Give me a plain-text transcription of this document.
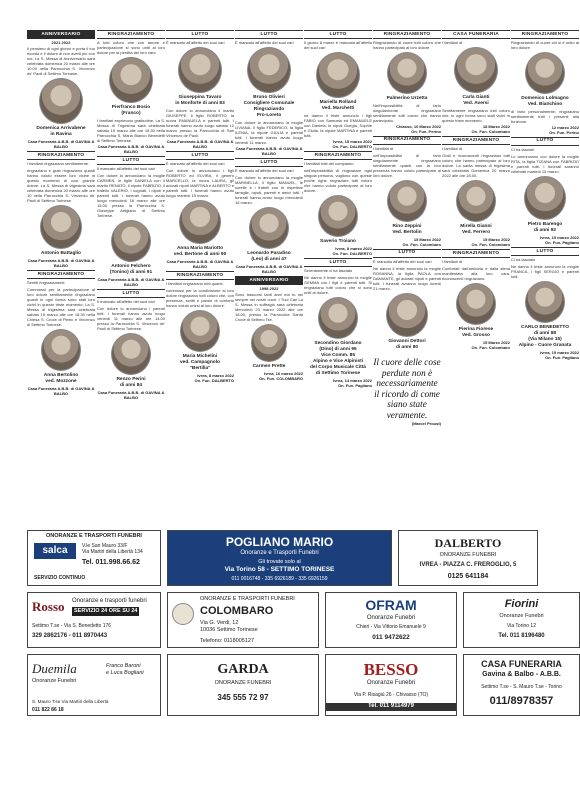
ANNIVERSARIO
2021 2022
Il pensiero di ogni giorno e porta il tuo ricordo e il dolore di non averti più con noi. La S. Messa di Anniversario sarà celebrata domenica 20 marzo alle ore 10.00 nella Parrocchia S. Vincenzo de' Paoli di Settimo Torinese.
Domenica Arrivabene
in Ravina
Casa Funeraria A.B.B. di GAVINA & BALBO
RINGRAZIAMENTO
I familiari ringraziano sentitamente.
ringraziano e grati ringraziano quanti hanno voluto essere loro vicine in questo momento di così grande dolore. La S. Messa di trigesima sarà celebrata domenica 20 marzo alle ore 10 nella Parrocchia S. Vincenzo de' Paoli di Settimo Torinese.
Antonio Battaglio
Casa Funeraria A.B.B. di GAVINA & BALBO
RINGRAZIAMENTO
Sentiti ringraziamenti.
Commossi per la partecipazione al loro dolore sentitamente ringraziano quanti in ogni forma sono stati loro vicini in questo triste momento. La S. Messa di trigesima sarà celebrata sabato 19 marzo alle ore 18.30 nella Chiesa S. Croce di Pietro e Vincenzo di Settimo Torinese.
Anna Bertolino
ved. Mozzone
Casa Funeraria A.B.B. di GAVINA & BALBO
RINGRAZIAMENTO
A tutti coloro che con amore e partecipazione si sono uniti al loro dolore per la perdita del loro caro
Pierfranco Bosio
(Franco)
I familiari esprimono gratitudine. La S. Messa di Trigesima sarà celebrata sabato 19 marzo alle ore 18.30 nella Parrocchia S. Maria Bianco Benedetti di Settimo Torinese.
Casa Funeraria A.B.B. di GAVINA & BALBO
LUTTO
Il mancato all'affetto dei suoi cari
Con dolore lo annunciano la moglie CARMEN, le figlie DANIELA con il marito RENATO, il nipote FABRIZIO, il fratello VALERIO, i cognati, i nipoti e parenti tutti. I funerali hanno avuto luogo mercoledì 16 marzo alle ore 15.00 presso la Parrocchia S. Giuseppe Artigiano di Settimo Torinese.
Antonio Felchero
(Tonino) di anni 91
Casa Funeraria A.B.B. di GAVINA & BALBO
LUTTO
Il mancato all'affetto dei suoi cari
Con dolore lo annunciano i parenti tutti. I funerali hanno avuto luogo venerdì 11 marzo alle ore 14.00 presso la Parrocchia S. Vincenzo de' Paoli di Settimo Torinese.
Renzo Perini
di anni 84
Casa Funeraria A.B.B. di GAVINA & BALBO
LUTTO
È mancato all'affetto dei suoi cari
Giuseppina Tavaro
in Monforte di anni 83
Con dolore lo annunciano il marito GIUSEPPE, il figlio ROBERTO, la nuora EMANUELA e parenti tutti. I funerali hanno avuto luogo sabato 12 marzo presso la Parrocchia di San Vincenzo de Paoli.
Casa Funeraria A.B.B. di GAVINA & BALBO
LUTTO
È mancato all'affetto dei suoi cari
Con dolore lo annunciano i figli ROBERTO ed ELVIRA, il genero MARCELLO, la nuora LAURA, gli adorati nipoti MARTINA e ALBERTO e parenti tutti. I funerali hanno avuto luogo martedì 15 marzo.
Anna Maria Mariotto
ved. Bertone di anni 90
Casa Funeraria A.B.B. di GAVINA & BALBO
RINGRAZIAMENTO
I familiari ringraziano tutti quanti.
commossi per la condivisione al loro dolore ringraziano tutti coloro che, con presenza, scritti e parole di conforto hanno voluto unirsi al loro dolore.
Maria Michelini
ved. Campagnolo
"Bertilla"
Ivrea, 8 marzo 2022
On. Fun. DALBERTO
LUTTO
È mancato all'affetto dei suoi cari
Bruno Olivieri
Consigliere Comunale
Ringraziando
Pro-Loreto
Con dolore lo annunciano la moglie LIVIANA, il figlio FEDERICO, la figlia ILENIA, la nipote GIULIA e parenti tutti. I funerali hanno avuto luogo venerdì 11 marzo.
Casa Funeraria A.B.B. di GAVINA & BALBO
LUTTO
È mancato all'affetto dei suoi cari
Con dolore lo annunciano la moglie MARINELLA, il figlio MANUEL, le sorelle e i fratelli con le rispettive famiglie, nipoti, parenti e amici tutti. I funerali hanno avuto luogo mercoledì 16 marzo.
Leonardo Paradiso
(Leo) di anni 47
Casa Funeraria A.B.B. di GAVINA & BALBO
ANNIVERSARIO
1998 2022
Sono trascorsi tanti anni ma tu sei sempre nei nostri cuori. I Tuoi Cari La S. Messa in suffragio sarà celebrata Mercoledì 23 marzo 2022 alle ore 18.00, presso la Parrocchia Santa Croce di Settimo Tse.
Carmen Prette
Ivrea, 16 marzo 2022
On. Fun. COLOMBARO
LUTTO
Il giorno 8 marzo è mancata all'affetto dei suoi cari
Mariella Rolland
Ved. Marchetti
ne danno il triste annuncio i figli FABIO con Samuela ed EMANUELE con Daniela, le nipoti Giorgia, Sophie e Giulia, la nipote MARTINA e parenti tutti.
Ivrea, 15 marzo 2022
On. Fun. DALBERTO
RINGRAZIAMENTO
I familiari tutti del compianto
nell'impossibilità di ringraziare ogni singola persona, vogliono con queste poche righe ringraziare tutti coloro che hanno voluto partecipare al loro dolore.
Saverio Troiano
Ivrea, 8 marzo 2022
On. Fun. DALBERTO
LUTTO
Serenamente ci ha lasciato
Ne danno il triste annuncio la moglie GEMMA con i figli e parenti tutti. Si ringraziano tutti coloro che si sono uniti al dolore.
Secondino Giordano
(Dino) di anni 95
Vice Comm. 85
Alpino e Vice Alpinisti
del Corpo Musicale Città
di Settimo Torinese
Ivrea, 14 marzo 2022
On. Fun. Pagliano
RINGRAZIAMENTO
Ringraziando di cuore tutti coloro che hanno partecipato al loro dolore
Palmerino Urzetta
Nell'impossibilità di farlo singolarmente ringraziano sentitamente tutti coloro che hanno partecipato.
Chiasso, 10 Marzo 2022
On. Fun. Perino
RINGRAZIAMENTO
I familiari di
nell'impossibilità di farlo singolarmente ringraziano sentitamente quanti con la loro presenza hanno voluto partecipare al loro dolore.
Rino Zeppini
Ved. Bertolin
15 Marzo 2022
On. Fun. Colombaro
LUTTO
È mancato all'affetto dei suoi cari
Ne danno il triste annuncio la moglie ROSANNA, la figlia PAOLA con DAMIANTE, gli adorati nipoti e parenti tutti. I funerali avranno luogo lunedì 21 marzo.
Giovanni Dettori
di anni 80
Il cuore delle cose perdute non è necessariamente il ricordo di come siano state veramente.
(Marcel Proust)
CASA FUNERARIA
I familiari di
Carla Gianti
Ved. Aversi
Sentitamente ringraziano tutti coloro che, in ogni forma sono stati vicini in questo triste momento.
18 Marzo 2022
On. Fun. Colombaro
RINGRAZIAMENTO
I familiari di
Grati e riconoscenti ringraziano tutti coloro che hanno partecipato al loro dolore. La santa messa di trigesima sarà celebrata Domenica 20 marzo 2022 alle ore 18.00.
Mirella Gianni
Ved. Ferrero
15 Marzo 2022
On. Fun. Colombaro
RINGRAZIAMENTO
I familiari di
Confortati dall'amicizia e dalla stima manifestata alla loro cara, riconoscenti ringraziano.
Pierina Fiorese
Ved. Grosso
15 Marzo 2022
On. Fun. Colombaro
RINGRAZIAMENTO
Ringraziando di cuore chi si è unito al loro dolore
Domenico Lolmagno
Ved. Bianchino
di farlo personalmente, ringraziano sentitamente tutti i presenti alla funzione.
12 marzo 2022
On. Fun. Perino
LUTTO
Ci ha lasciati
Lo annunciano con dolore la moglie RITA, la figlia TIZIANA con FABRIZIO e parenti tutti. I funerali saranno celebrati martedì 15 marzo.
Pietro Barengo
di anni 92
Ivrea, 15 marzo 2022
On. Fun. Pagliano
LUTTO
Ci ha lasciato
Ne danno il triste annuncio la moglie FRANCA, i figli SERGIO e parenti tutti.
CARLO BENEDETTO
di anni 88
(Via Milano 15)
Alpino - Cuore Granata
Ivrea, 15 marzo 2022
On. Fun. Pagliano
ONORANZE E TRASPORTI FUNEBRI
salca	V.le San Mauro 33/F
Via Martiri della Libertà 134
Tel. 011.998.66.62
SERVIZIO CONTINUO
POGLIANO MARIO
Onoranze e Trasporti Funebri
Gli trovate solo al
Via Torino 58 - SETTIMO TORINESE
011 0016748 - 335 6926189 - 335 6926159
DALBERTO
ONORANZE FUNEBRI
IVREA - PIAZZA C. FREROGLIO, 5
0125 641184
Rosso Onoranze e trasporti funebri
SERVIZIO 24 ORE SU 24
Settimo T.se - Via S. Benedetto 176
329 2862176 - 011 8970443
ONORANZE E TRASPORTI FUNEBRI
COLOMBARO
Via G. Verdi, 12
10036 Settimo Torinese
Telefono: 0118005127
OFRAM
Onoranze Funebri
Chieri - Via Vittorio Emanuele 9
011 9472622
Fiorini
Onoranze Funebri
Via Torino 12
Tel. 011 8196480
Duemila
Onoranze Funebri
Franco Baroni
e Luca Bogliani
S. Mauro T.se Via Martiri della Libertà
011 822 86 18
GARDA
ONORANZE FUNEBRI
345 555 72 97
BESSO
Onoranze Funebri
Via P. Risagiù 26 - Chivasso (TO)
Tel. 011 9114979
CASA FUNERARIA
Gavina & Balbo - A.B.B.
Settimo T.se - S. Mauro T.se - Torino
011/8978357
